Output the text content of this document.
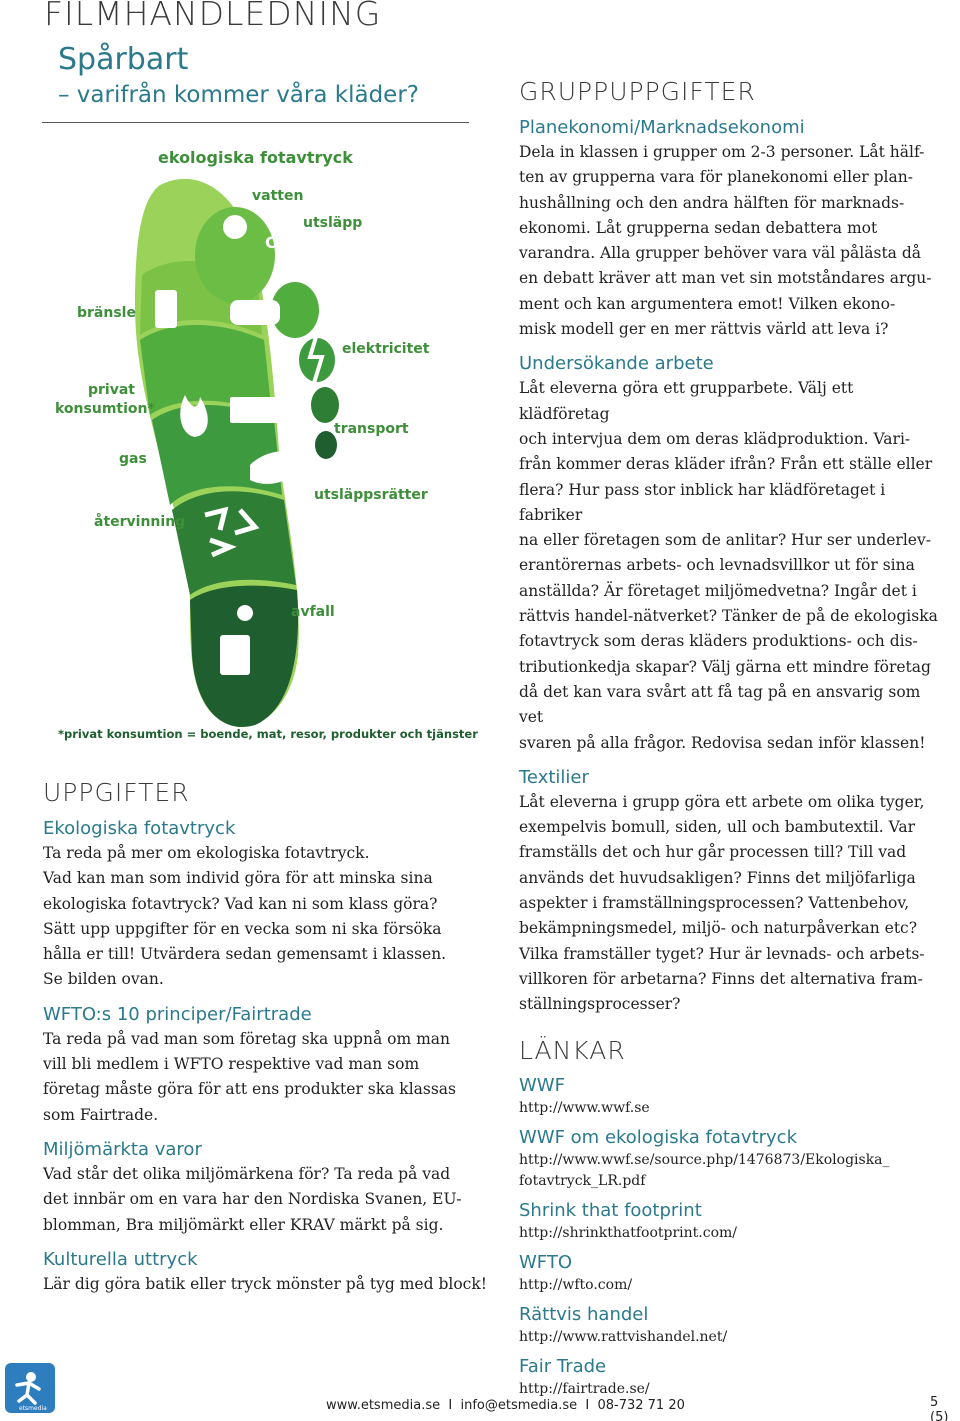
FILMHANDLEDNING
Spårbart
– varifrån kommer våra kläder?
CO₂
ekologiska fotavtryck
vatten
utsläpp
bränsle
elektricitet
privat
konsumtion*
transport
gas
utsläppsrätter
återvinning
avfall
*privat konsumtion = boende, mat, resor, produkter och tjänster
UPPGIFTER
Ekologiska fotavtryck
Ta reda på mer om ekologiska fotavtryck.
Vad kan man som individ göra för att minska sina
ekologiska fotavtryck? Vad kan ni som klass göra?
Sätt upp uppgifter för en vecka som ni ska försöka
hålla er till! Utvärdera sedan gemensamt i klassen.
Se bilden ovan.
WFTO:s 10 principer/Fairtrade
Ta reda på vad man som företag ska uppnå om man
vill bli medlem i WFTO respektive vad man som
företag måste göra för att ens produkter ska klassas
som Fairtrade.
Miljömärkta varor
Vad står det olika miljömärkena för? Ta reda på vad
det innbär om en vara har den Nordiska Svanen, EU-
blomman, Bra miljömärkt eller KRAV märkt på sig.
Kulturella uttryck
Lär dig göra batik eller tryck mönster på tyg med block!
GRUPPUPPGIFTER
Planekonomi/Marknadsekonomi
Dela in klassen i grupper om 2-3 personer. Låt hälf-
ten av grupperna vara för planekonomi eller plan-
hushållning och den andra hälften för marknads-
ekonomi. Låt grupperna sedan debattera mot
varandra. Alla grupper behöver vara väl pålästa då
en debatt kräver att man vet sin motståndares argu-
ment och kan argumentera emot! Vilken ekono-
misk modell ger en mer rättvis värld att leva i?
Undersökande arbete
Låt eleverna göra ett grupparbete. Välj ett klädföretag
och intervjua dem om deras klädproduktion. Vari-
från kommer deras kläder ifrån? Från ett ställe eller
flera? Hur pass stor inblick har klädföretaget i fabriker
na eller företagen som de anlitar? Hur ser underlev-
erantörernas arbets- och levnadsvillkor ut för sina
anställda? Är företaget miljömedvetna? Ingår det i
rättvis handel-nätverket? Tänker de på de ekologiska
fotavtryck som deras kläders produktions- och dis-
tributionkedja skapar? Välj gärna ett mindre företag
då det kan vara svårt att få tag på en ansvarig som vet
svaren på alla frågor. Redovisa sedan inför klassen!
Textilier
Låt eleverna i grupp göra ett arbete om olika tyger,
exempelvis bomull, siden, ull och bambutextil. Var
framställs det och hur går processen till? Till vad
används det huvudsakligen? Finns det miljöfarliga
aspekter i framställningsprocessen? Vattenbehov,
bekämpningsmedel, miljö- och naturpåverkan etc?
Vilka framställer tyget? Hur är levnads- och arbets-
villkoren för arbetarna? Finns det alternativa fram-
ställningsprocesser?
LÄNKAR
WWF
http://www.wwf.se
WWF om ekologiska fotavtryck
http://www.wwf.se/source.php/1476873/Ekologiska_
fotavtryck_LR.pdf
Shrink that footprint
http://shrinkthatfootprint.com/
WFTO
http://wfto.com/
Rättvis handel
http://www.rattvishandel.net/
Fair Trade
http://fairtrade.se/
etsmedia	www.etsmedia.se  I  info@etsmedia.se  I  08-732 71 20	5 (5)
